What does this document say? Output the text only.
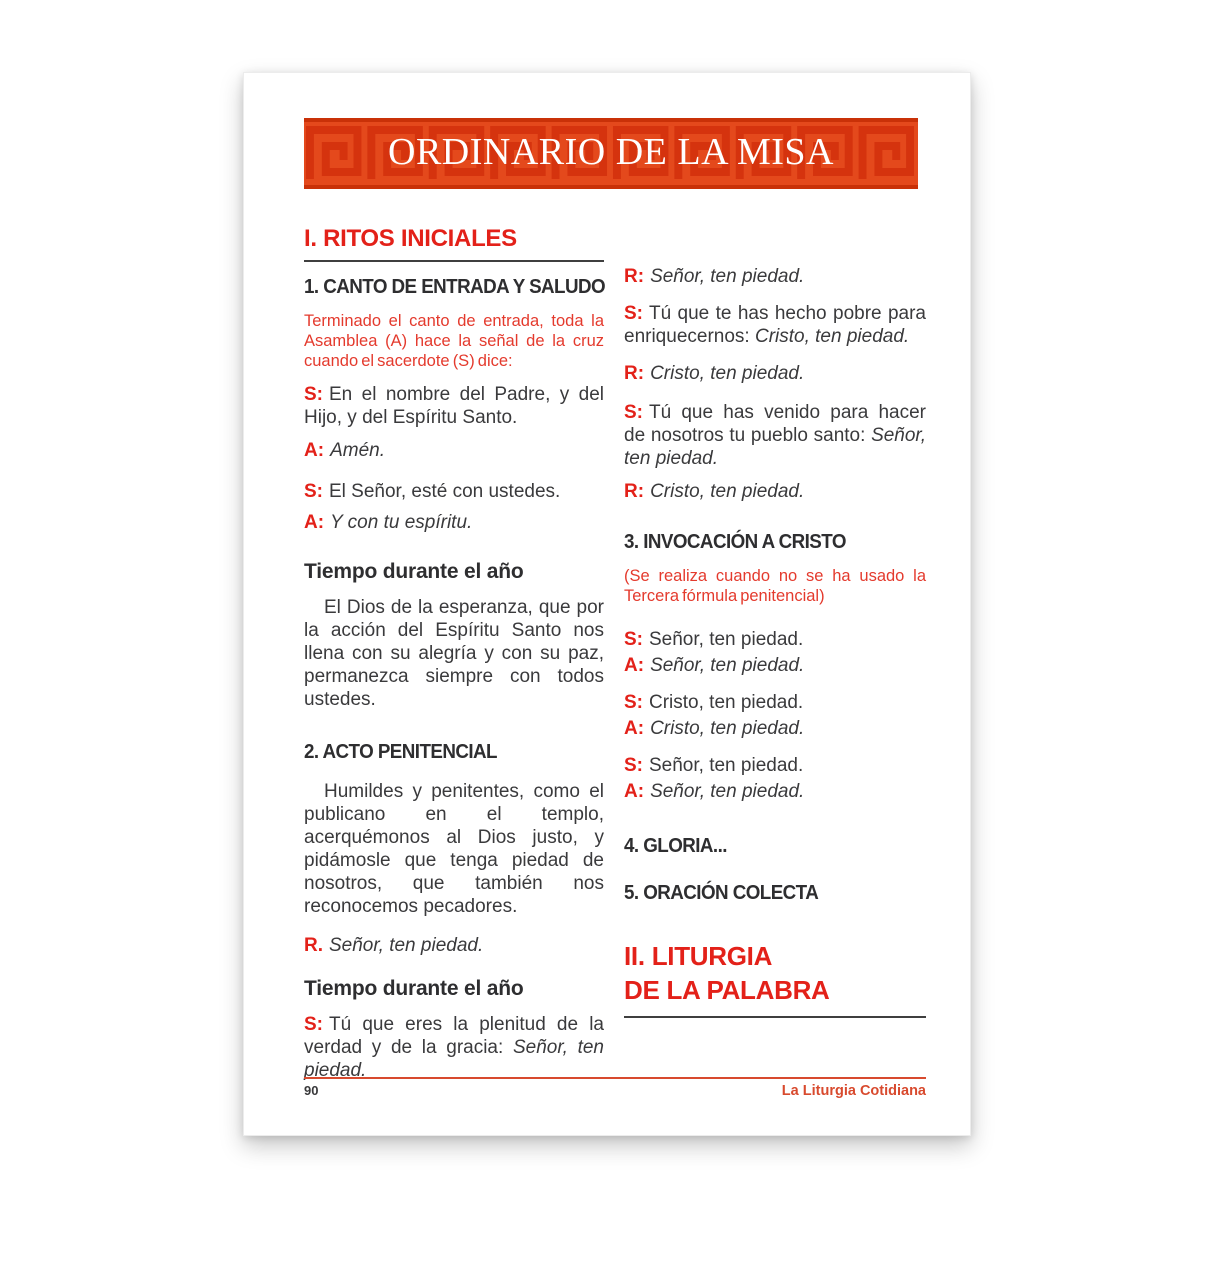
ORDINARIO DE LA MISA
I. RITOS INICIALES
1. CANTO DE ENTRADA Y SALUDO
Terminado el canto de entrada, toda la Asamblea (A) hace la señal de la cruz cuando el sacerdote (S) dice:

S: En el nombre del Padre, y del Hijo, y del Espíritu Santo.

A: Amén.

S: El Señor, esté con ustedes.

A: Y con tu espíritu.

Tiempo durante el año

El Dios de la esperanza, que por la acción del Espíritu Santo nos llena con su alegría y con su paz, permanezca siempre con todos ustedes.

2. ACTO PENITENCIAL

Humildes y penitentes, como el publicano en el templo, acerquémonos al Dios justo, y pidámosle que tenga piedad de nosotros, que también nos reconocemos pecadores.

R. Señor, ten piedad.

Tiempo durante el año

S: Tú que eres la plenitud de la verdad y de la gracia: Señor, ten piedad.

R: Señor, ten piedad.

S: Tú que te has hecho pobre para enriquecernos: Cristo, ten piedad.

R: Cristo, ten piedad.

S: Tú que has venido para hacer de nosotros tu pueblo santo: Señor, ten piedad.

R: Cristo, ten piedad.

3. INVOCACIÓN A CRISTO
(Se realiza cuando no se ha usado la Tercera fórmula penitencial)

S: Señor, ten piedad.

A: Señor, ten piedad.

S: Cristo, ten piedad.

A: Cristo, ten piedad.

S: Señor, ten piedad.

A: Señor, ten piedad.

4. GLORIA...
5. ORACIÓN COLECTA
II. LITURGIA
DE LA PALABRA
90	La Liturgia Cotidiana
